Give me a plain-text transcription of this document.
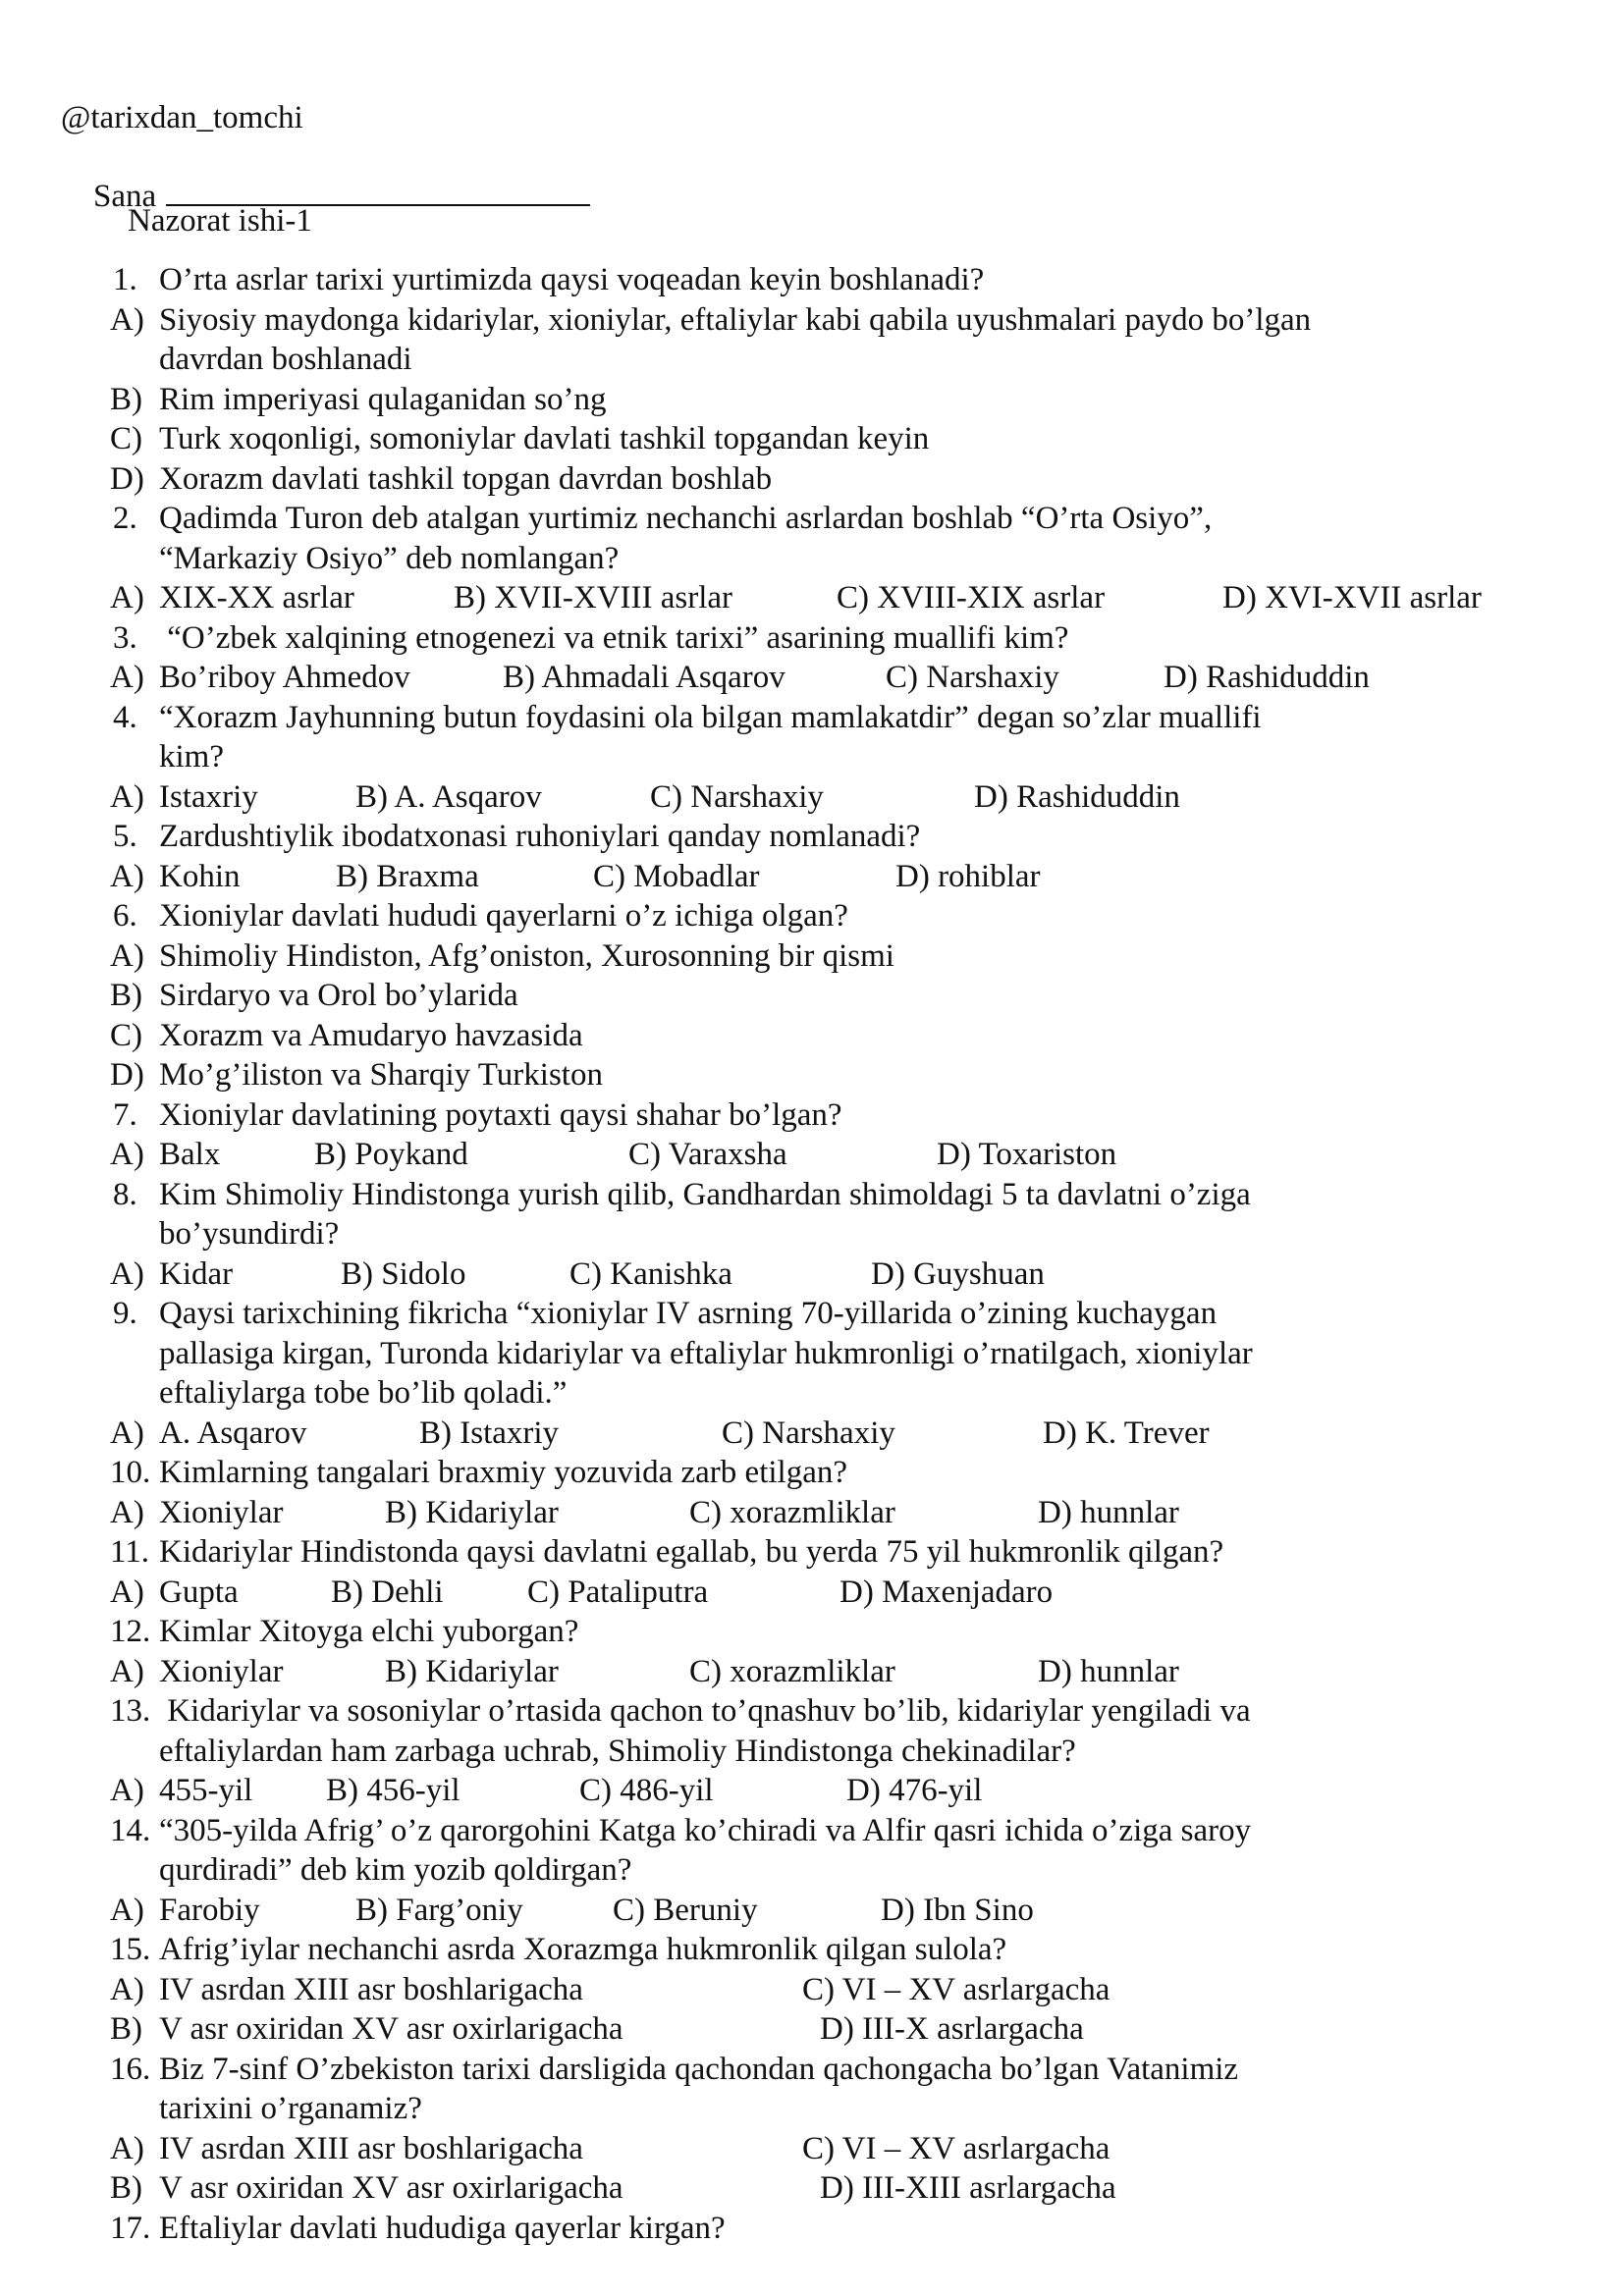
@tarixdan_tomchi

Sana

Nazorat ishi-1
1. O’rta asrlar tarixi yurtimizda qaysi voqeadan keyin boshlanadi?
A) Siyosiy maydonga kidariylar, xioniylar, eftaliylar kabi qabila uyushmalari paydo bo’lgan
davrdan boshlanadi
B) Rim imperiyasi qulaganidan so’ng
C) Turk xoqonligi, somoniylar davlati tashkil topgandan keyin
D) Xorazm davlati tashkil topgan davrdan boshlab
2. Qadimda Turon deb atalgan yurtimiz nechanchi asrlardan boshlab “O’rta Osiyo”,
“Markaziy Osiyo” deb nomlangan?
A) XIX-XX asrlar	B) XVII-XVIII asrlar	C) XVIII-XIX asrlar	D) XVI-XVII asrlar
3. “O’zbek xalqining etnogenezi va etnik tarixi” asarining muallifi kim?
A) Bo’riboy Ahmedov	B) Ahmadali Asqarov	C) Narshaxiy	D) Rashiduddin
4. “Xorazm Jayhunning butun foydasini ola bilgan mamlakatdir” degan so’zlar muallifi
kim?
A) Istaxriy	B) A. Asqarov	C) Narshaxiy	D) Rashiduddin
5. Zardushtiylik ibodatxonasi ruhoniylari qanday nomlanadi?
A) Kohin	B) Braxma	C) Mobadlar	D) rohiblar
6. Xioniylar davlati hududi qayerlarni o’z ichiga olgan?
A) Shimoliy Hindiston, Afg’oniston, Xurosonning bir qismi
B) Sirdaryo va Orol bo’ylarida
C) Xorazm va Amudaryo havzasida
D) Mo’g’iliston va Sharqiy Turkiston
7. Xioniylar davlatining poytaxti qaysi shahar bo’lgan?
A) Balx	B) Poykand	C) Varaxsha	D) Toxariston
8. Kim Shimoliy Hindistonga yurish qilib, Gandhardan shimoldagi 5 ta davlatni o’ziga
bo’ysundirdi?
A) Kidar	B) Sidolo	C) Kanishka	D) Guyshuan
9. Qaysi tarixchining fikricha “xioniylar IV asrning 70-yillarida o’zining kuchaygan
pallasiga kirgan, Turonda kidariylar va eftaliylar hukmronligi o’rnatilgach, xioniylar
eftaliylarga tobe bo’lib qoladi.”
A) A. Asqarov	B) Istaxriy	C) Narshaxiy	D) K. Trever
10. Kimlarning tangalari braxmiy yozuvida zarb etilgan?
A) Xioniylar	B) Kidariylar	C) xorazmliklar	D) hunnlar
11. Kidariylar Hindistonda qaysi davlatni egallab, bu yerda 75 yil hukmronlik qilgan?
A) Gupta	B) Dehli	C) Pataliputra	D) Maxenjadaro
12. Kimlar Xitoyga elchi yuborgan?
A) Xioniylar	B) Kidariylar	C) xorazmliklar	D) hunnlar
13. Kidariylar va sosoniylar o’rtasida qachon to’qnashuv bo’lib, kidariylar yengiladi va
eftaliylardan ham zarbaga uchrab, Shimoliy Hindistonga chekinadilar?
A) 455-yil B) 456-yil	C) 486-yil	D) 476-yil
14. “305-yilda Afrig’ o’z qarorgohini Katga ko’chiradi va Alfir qasri ichida o’ziga saroy
qurdiradi” deb kim yozib qoldirgan?
A) Farobiy	B) Farg’oniy	C) Beruniy	D) Ibn Sino
15. Afrig’iylar nechanchi asrda Xorazmga hukmronlik qilgan sulola?
A) IV asrdan XIII asr boshlarigacha	C) VI – XV asrlargacha
B) V asr oxiridan XV asr oxirlarigacha	D) III-X asrlargacha
16. Biz 7-sinf O’zbekiston tarixi darsligida qachondan qachongacha bo’lgan Vatanimiz
tarixini o’rganamiz?
A) IV asrdan XIII asr boshlarigacha	C) VI – XV asrlargacha
B) V asr oxiridan XV asr oxirlarigacha	D) III-XIII asrlargacha
17. Eftaliylar davlati hududiga qayerlar kirgan?
